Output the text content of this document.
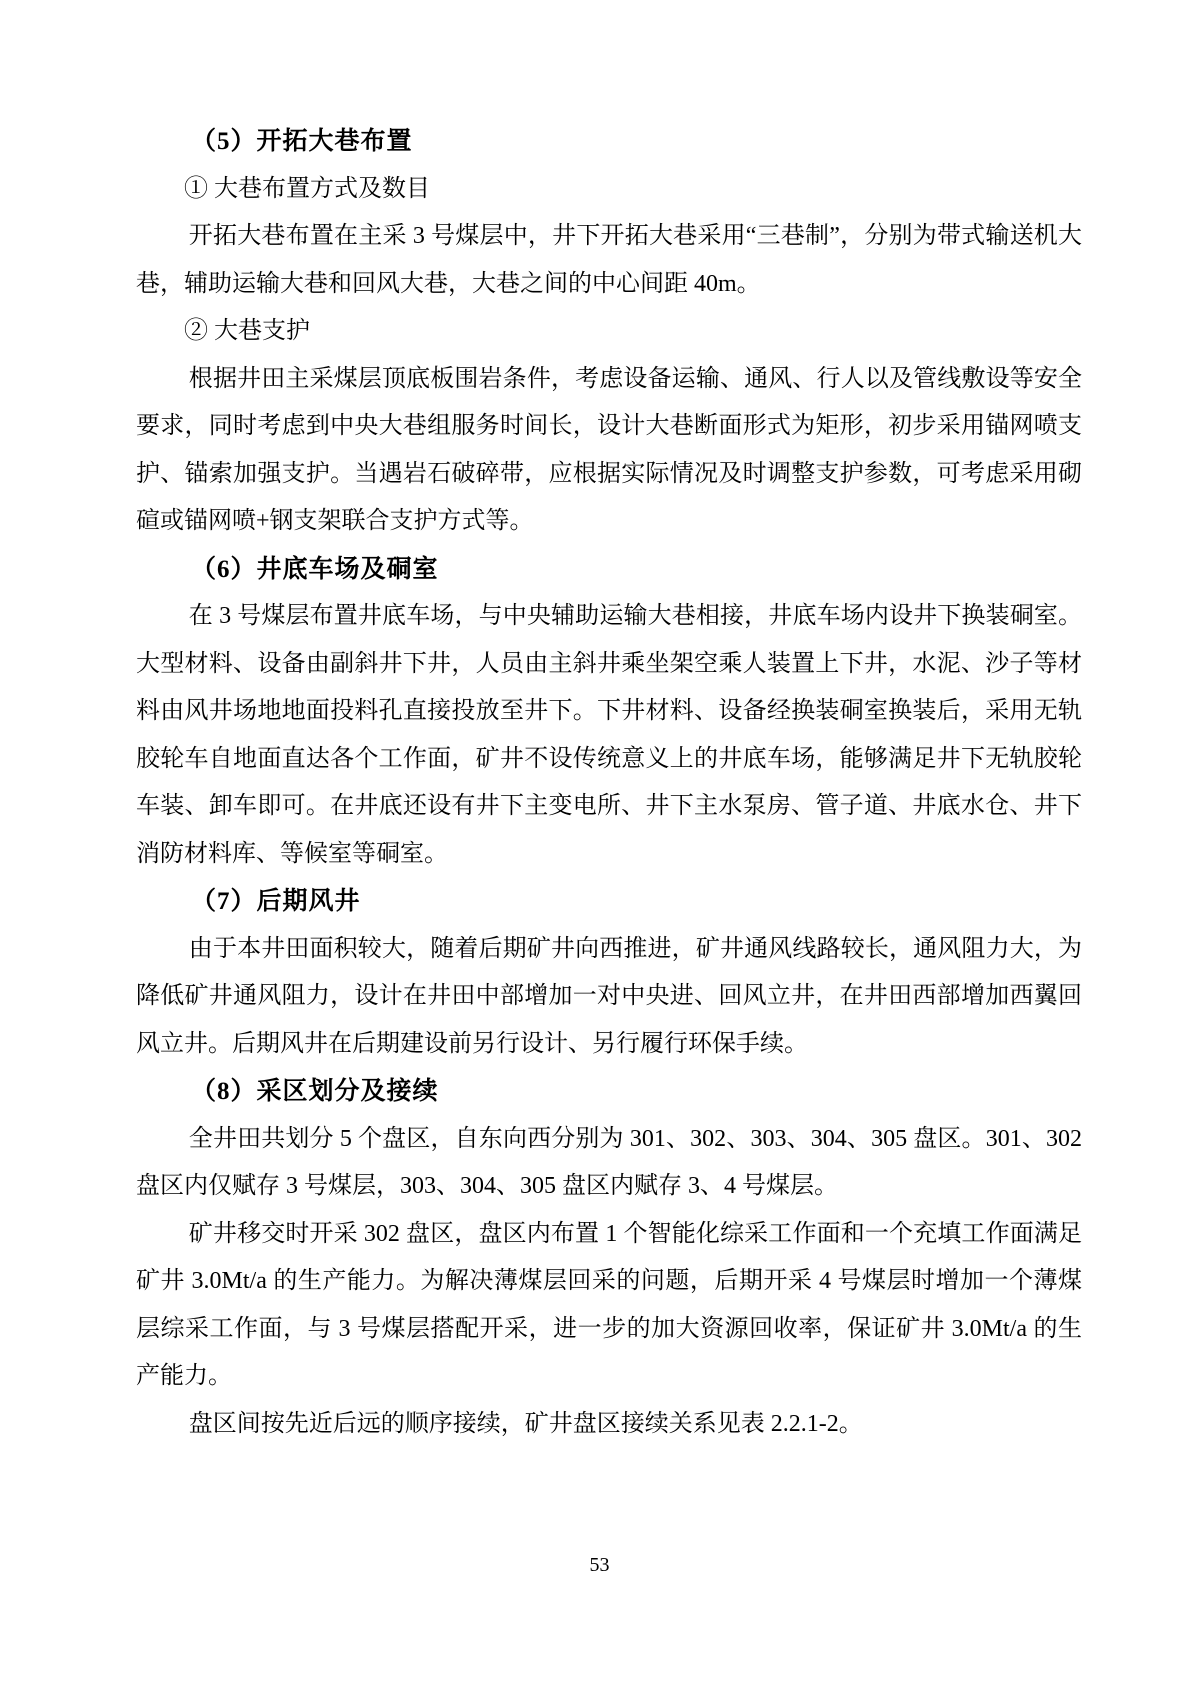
（5）开拓大巷布置

① 大巷布置方式及数目

开拓大巷布置在主采 3 号煤层中，井下开拓大巷采用“三巷制”，分别为带式输送机大巷，辅助运输大巷和回风大巷，大巷之间的中心间距 40m。

② 大巷支护

根据井田主采煤层顶底板围岩条件，考虑设备运输、通风、行人以及管线敷设等安全要求，同时考虑到中央大巷组服务时间长，设计大巷断面形式为矩形，初步采用锚网喷支护、锚索加强支护。当遇岩石破碎带，应根据实际情况及时调整支护参数，可考虑采用砌碹或锚网喷+钢支架联合支护方式等。

（6）井底车场及硐室

在 3 号煤层布置井底车场，与中央辅助运输大巷相接，井底车场内设井下换装硐室。大型材料、设备由副斜井下井，人员由主斜井乘坐架空乘人装置上下井，水泥、沙子等材料由风井场地地面投料孔直接投放至井下。下井材料、设备经换装硐室换装后，采用无轨胶轮车自地面直达各个工作面，矿井不设传统意义上的井底车场，能够满足井下无轨胶轮车装、卸车即可。在井底还设有井下主变电所、井下主水泵房、管子道、井底水仓、井下消防材料库、等候室等硐室。

（7）后期风井

由于本井田面积较大，随着后期矿井向西推进，矿井通风线路较长，通风阻力大，为降低矿井通风阻力，设计在井田中部增加一对中央进、回风立井，在井田西部增加西翼回风立井。后期风井在后期建设前另行设计、另行履行环保手续。

（8）采区划分及接续

全井田共划分 5 个盘区，自东向西分别为 301、302、303、304、305 盘区。301、302 盘区内仅赋存 3 号煤层，303、304、305 盘区内赋存 3、4 号煤层。

矿井移交时开采 302 盘区，盘区内布置 1 个智能化综采工作面和一个充填工作面满足矿井 3.0Mt/a 的生产能力。为解决薄煤层回采的问题，后期开采 4 号煤层时增加一个薄煤层综采工作面，与 3 号煤层搭配开采，进一步的加大资源回收率，保证矿井 3.0Mt/a 的生产能力。

盘区间按先近后远的顺序接续，矿井盘区接续关系见表 2.2.1-2。

53
